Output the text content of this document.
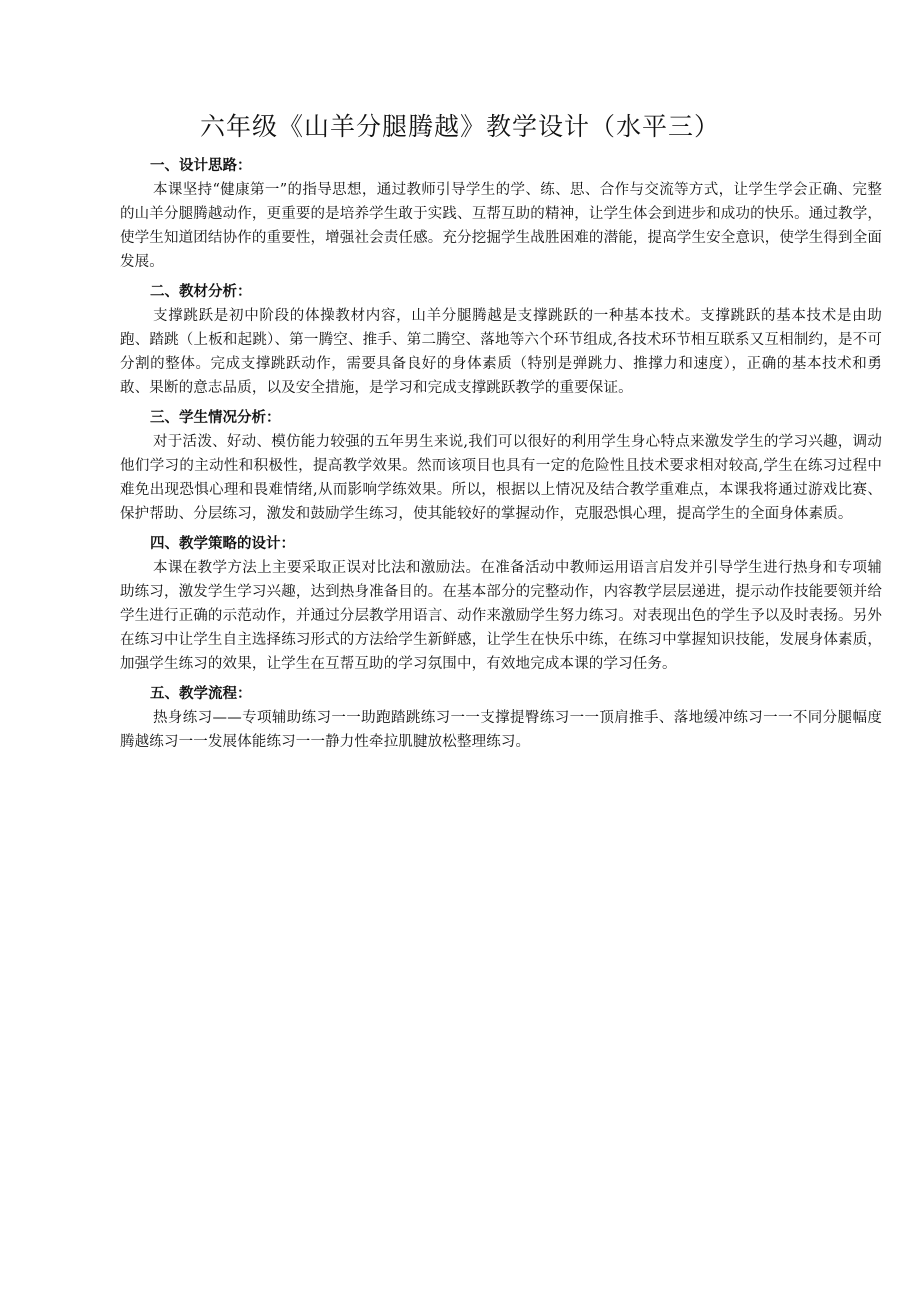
六年级《山羊分腿腾越》教学设计（水平三）

一、设计思路：

本课坚持“健康第一”的指导思想，通过教师引导学生的学、练、思、合作与交流等方式，让学生学会正确、完整的山羊分腿腾越动作，更重要的是培养学生敢于实践、互帮互助的精神，让学生体会到进步和成功的快乐。通过教学，使学生知道团结协作的重要性，增强社会责任感。充分挖掘学生战胜困难的潜能，提高学生安全意识，使学生得到全面发展。

二、教材分析：

支撑跳跃是初中阶段的体操教材内容，山羊分腿腾越是支撑跳跃的一种基本技术。支撑跳跃的基本技术是由助跑、踏跳（上板和起跳）、第一腾空、推手、第二腾空、落地等六个环节组成,各技术环节相互联系又互相制约，是不可分割的整体。完成支撑跳跃动作，需要具备良好的身体素质（特别是弹跳力、推撑力和速度），正确的基本技术和勇敢、果断的意志品质，以及安全措施，是学习和完成支撑跳跃教学的重要保证。

三、学生情况分析：

对于活泼、好动、模仿能力较强的五年男生来说,我们可以很好的利用学生身心特点来激发学生的学习兴趣，调动他们学习的主动性和积极性，提高教学效果。然而该项目也具有一定的危险性且技术要求相对较高,学生在练习过程中难免出现恐惧心理和畏难情绪,从而影响学练效果。所以，根据以上情况及结合教学重难点，本课我将通过游戏比赛、保护帮助、分层练习，激发和鼓励学生练习，使其能较好的掌握动作，克服恐惧心理，提高学生的全面身体素质。

四、教学策略的设计：

本课在教学方法上主要采取正误对比法和激励法。在准备活动中教师运用语言启发并引导学生进行热身和专项辅助练习，激发学生学习兴趣，达到热身准备目的。在基本部分的完整动作，内容教学层层递进，提示动作技能要领并给学生进行正确的示范动作，并通过分层教学用语言、动作来激励学生努力练习。对表现出色的学生予以及时表扬。另外在练习中让学生自主选择练习形式的方法给学生新鲜感，让学生在快乐中练，在练习中掌握知识技能，发展身体素质，加强学生练习的效果，让学生在互帮互助的学习氛围中，有效地完成本课的学习任务。

五、教学流程：

热身练习——专项辅助练习一一助跑踏跳练习一一支撑提臀练习一一顶肩推手、落地缓冲练习一一不同分腿幅度腾越练习一一发展体能练习一一静力性牵拉肌腱放松整理练习。
